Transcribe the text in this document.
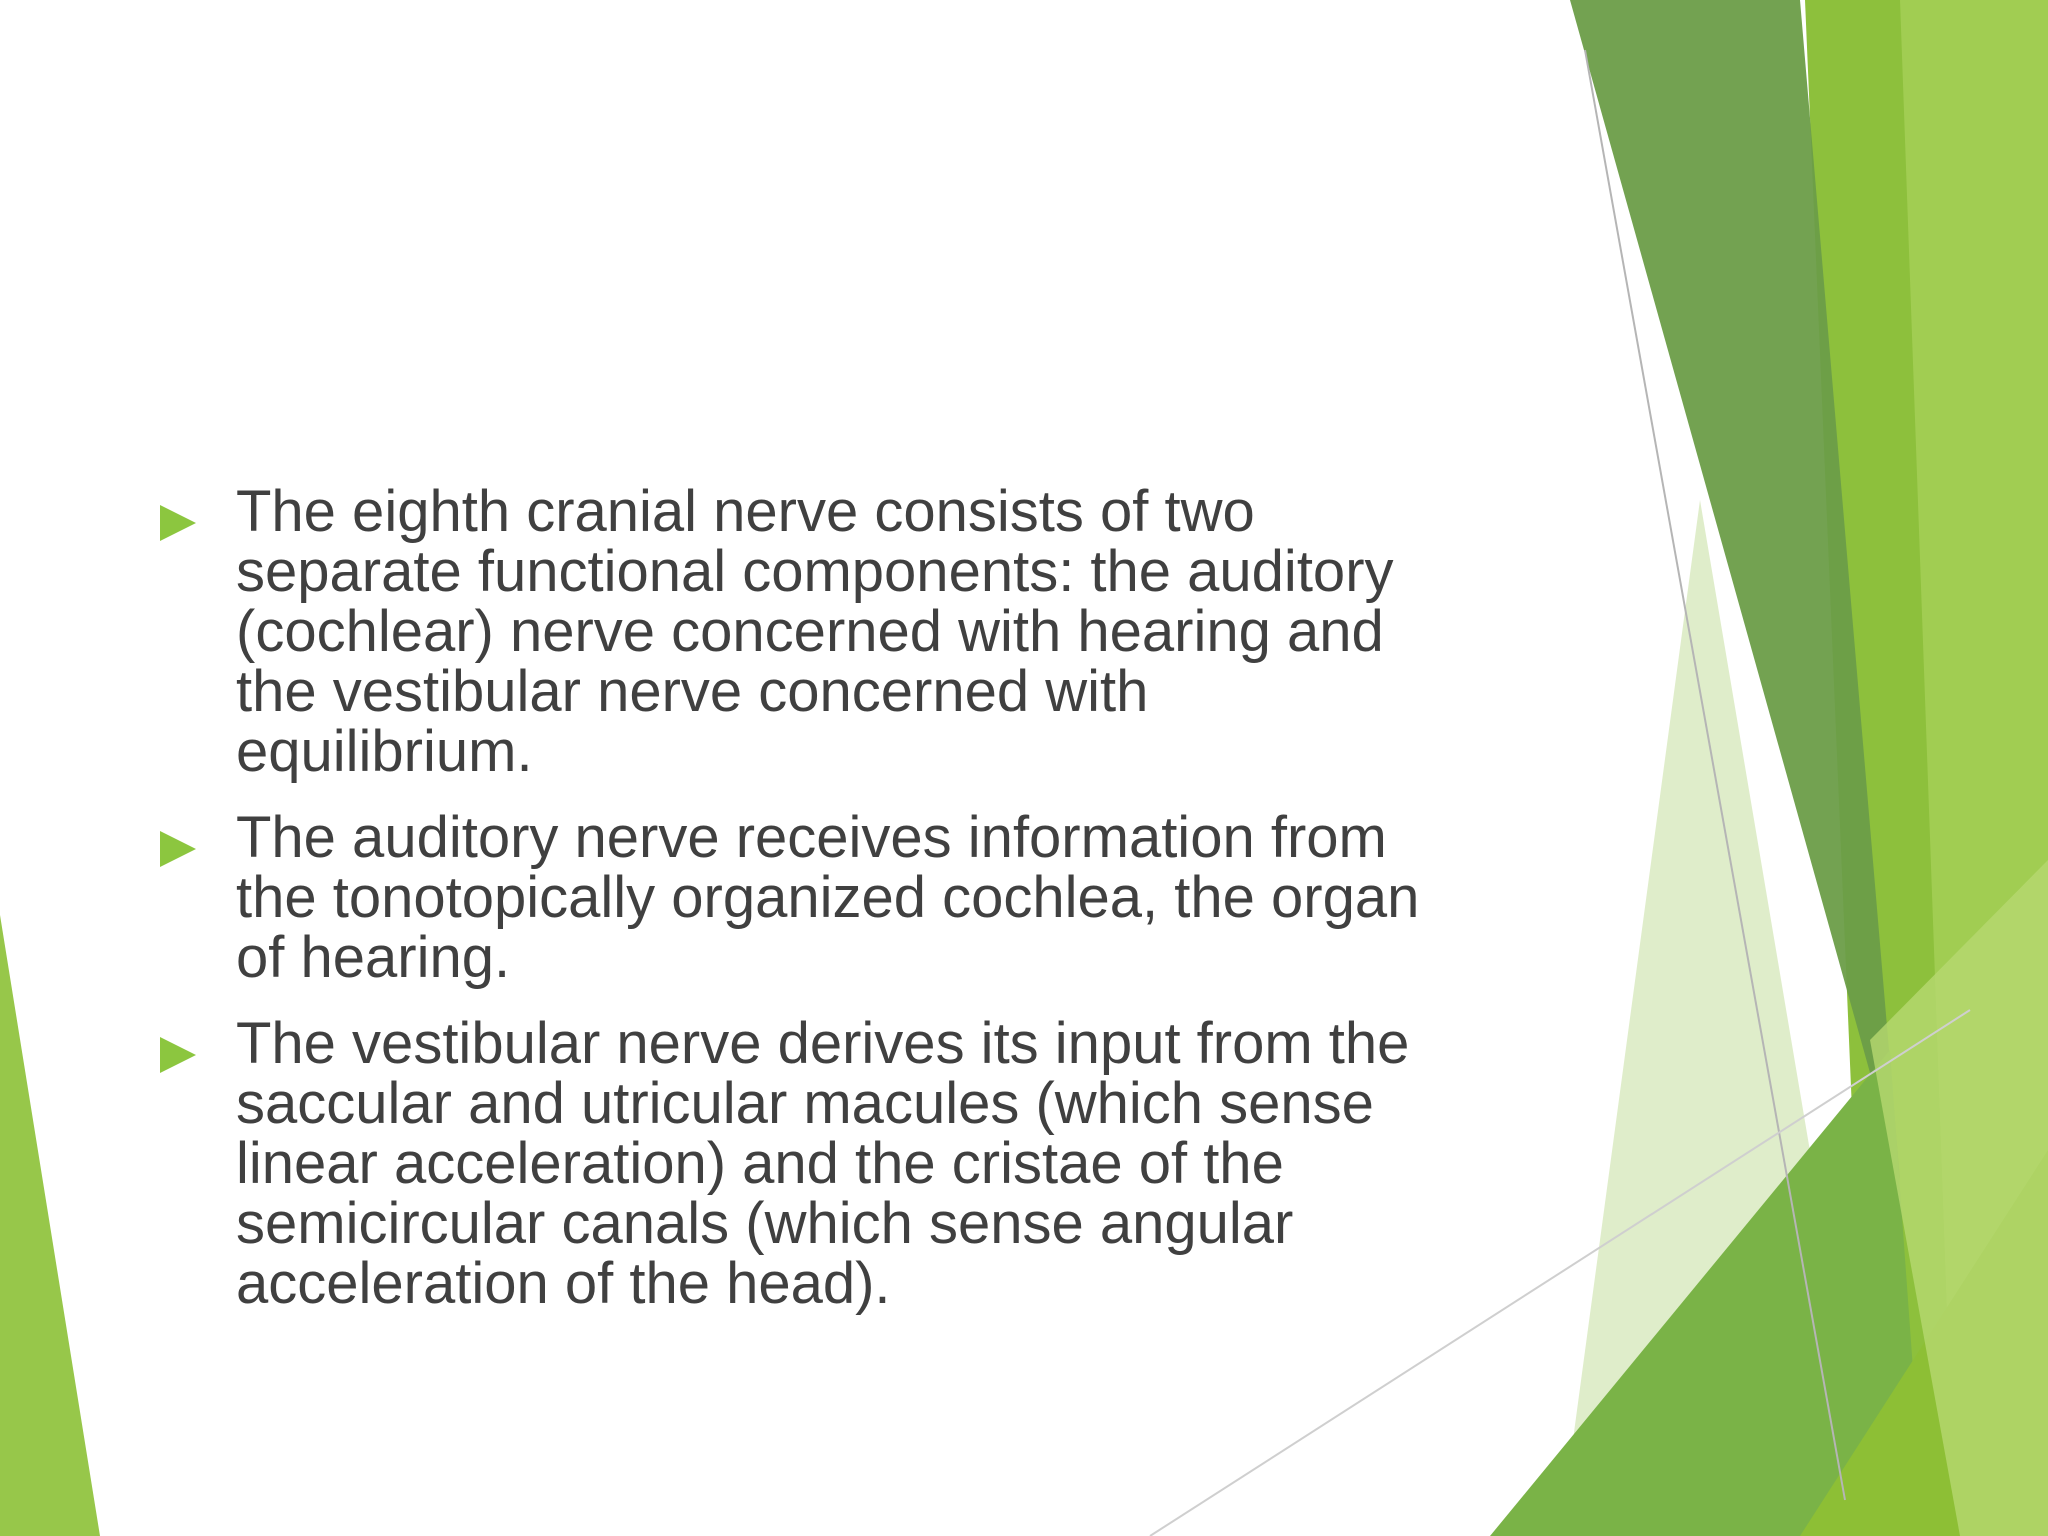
The eighth cranial nerve consists of two
separate functional components: the auditory
(cochlear) nerve concerned with hearing and
the vestibular nerve concerned with
equilibrium.
The auditory nerve receives information from
the tonotopically organized cochlea, the organ
of hearing.
The vestibular nerve derives its input from the
saccular and utricular macules (which sense
linear acceleration) and the cristae of the
semicircular canals (which sense angular
acceleration of the head).
